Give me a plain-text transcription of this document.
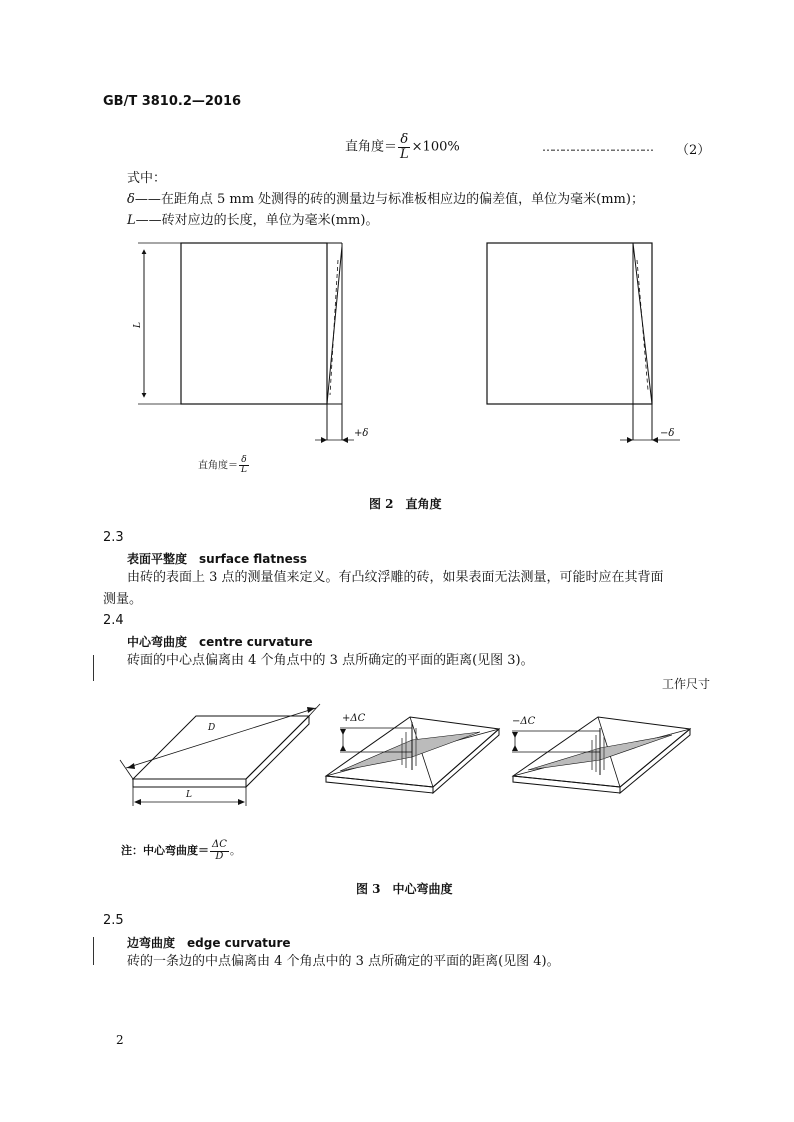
GB/T 3810.2—2016
直角度＝ $\frac{\delta}{L} \times 100\%$	…………………………… （2）
式中：
δ——在距角点 5 mm 处测得的砖的测量边与标准板相应边的偏差值，单位为毫米(mm)；
L——砖对应边的长度，单位为毫米(mm)。
L
+δ	−δ
直角度＝ $\frac{\delta}{L}$
图 2　直角度
2.3
表面平整度　 surface flatness
由砖的表面上 3 点的测量值来定义。有凸纹浮雕的砖，如果表面无法测量，可能时应在其背面
测量。
2.4
中心弯曲度　 centre curvature
砖面的中心点偏离由 4 个角点中的 3 点所确定的平面的距离(见图 3)。
工作尺寸
D
L
+ΔC	−ΔC
注：中心弯曲度＝ $\frac{\Delta C}{D}$ 。
图 3　中心弯曲度
2.5
边弯曲度　 edge curvature
砖的一条边的中点偏离由 4 个角点中的 3 点所确定的平面的距离(见图 4)。
2
